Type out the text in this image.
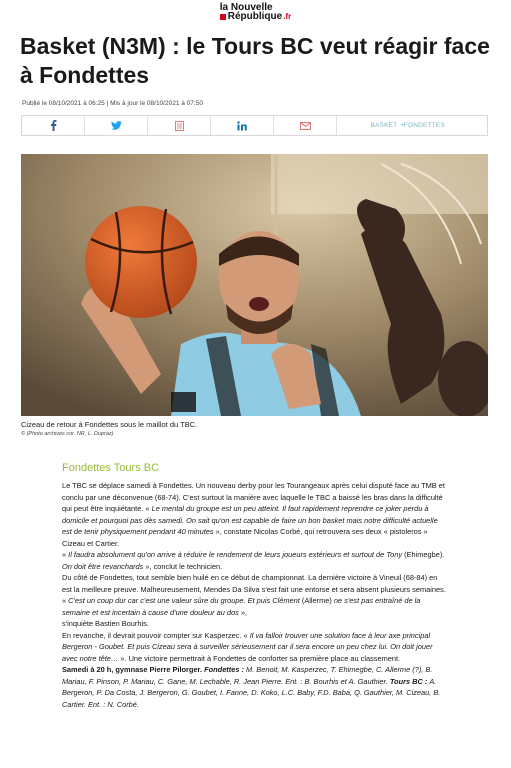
la Nouvelle
République .fr
Basket (N3M) : le Tours BC veut réagir face à Fondettes
Publié le 08/10/2021 à 06:25 | Mis à jour le 08/10/2021 à 07:50
BASKET • FONDETTES
Cizeau de retour à Fondettes sous le maillot du TBC.
© (Photo archives cor. NR, L. Dupraz)
Fondettes Tours BC

Le TBC se déplace samedi à Fondettes. Un nouveau derby pour les Tourangeaux après celui disputé face au TMB et conclu par une déconvenue (68-74). C'est surtout la manière avec laquelle le TBC a baissé les bras dans la difficulté qui peut être inquiétante. « Le mental du groupe est un peu atteint. Il faut rapidement reprendre ce joker perdu à domicile et pourquoi pas dès samedi. On sait qu'on est capable de faire un bon basket mais notre difficulté actuelle est de tenir physiquement pendant 40 minutes », constate Nicolas Corbé, qui retrouvera ses deux « pistoleros » Cizeau et Cartier.

« Il faudra absolument qu'on arrive à réduire le rendement de leurs joueurs extérieurs et surtout de Tony (Ehimegbe). On doit être revanchards », conclut le technicien.

Du côté de Fondettes, tout semble bien huilé en ce début de championnat. La dernière victoire à Vineuil (68-84) en est la meilleure preuve. Malheureusement, Mendes Da Silva s'est fait une entorse et sera absent plusieurs semaines. « C'est un coup dur car c'est une valeur sûre du groupe. Et puis Clément (Allerme) ne s'est pas entraîné de la semaine et est incertain à cause d'une douleur au dos »,

s'inquiète Bastien Bourhis.

En revanche, il devrait pouvoir compter sur Kasperzec. « Il va falloir trouver une solution face à leur axe principal Bergeron - Goubet. Et puis Cizeau sera à surveiller sérieusement car il sera encore un peu chez lui. On doit jouer avec notre tête… ». Une victoire permettrait à Fondettes de conforter sa première place au classement.

Samedi à 20 h, gymnase Pierre Pilorger. Fondettes : M. Benoit, M. Kasperzec, T. Ehimegbe, C. Allerme (?), B. Mariau, F. Pinson, P. Mariau, C. Gane, M. Lechable, R. Jean Pierre. Ent. : B. Bourhis et A. Gauthier. Tours BC : A. Bergeron, P. Da Costa, J. Bergeron, G. Goubet, I. Fanne, D. Koko, L.C. Baby, F.D. Baba, Q. Gauthier, M. Cizeau, B. Cartier. Ent. : N. Corbé.
